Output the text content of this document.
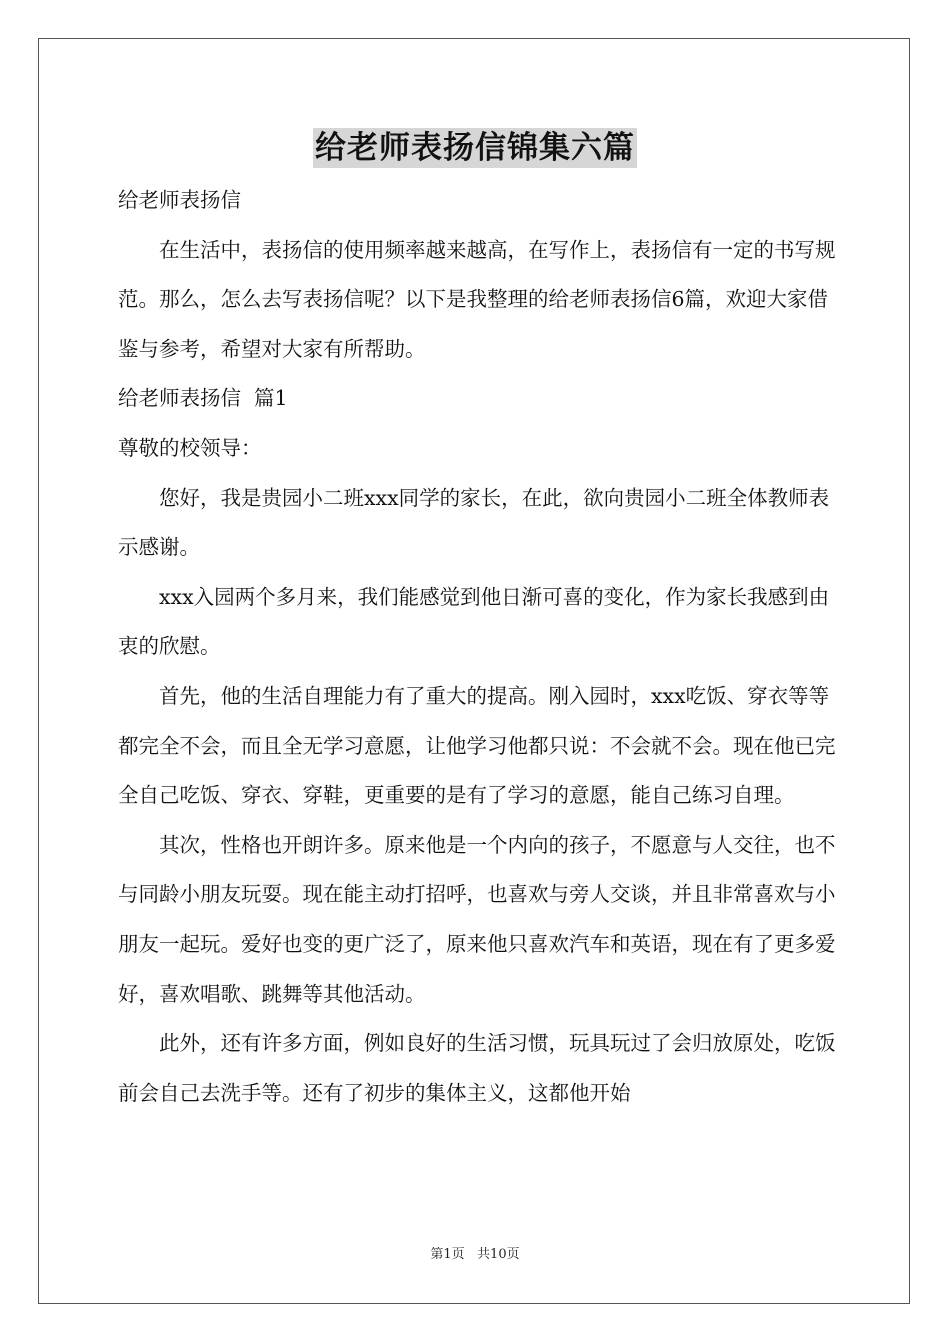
给老师表扬信锦集六篇

给老师表扬信

在生活中，表扬信的使用频率越来越高，在写作上，表扬信有一定的书写规范。那么，怎么去写表扬信呢？以下是我整理的给老师表扬信6篇，欢迎大家借鉴与参考，希望对大家有所帮助。

给老师表扬信  篇1

尊敬的校领导：

您好，我是贵园小二班xxx同学的家长，在此，欲向贵园小二班全体教师表示感谢。

xxx入园两个多月来，我们能感觉到他日渐可喜的变化，作为家长我感到由衷的欣慰。

首先，他的生活自理能力有了重大的提高。刚入园时，xxx吃饭、穿衣等等都完全不会，而且全无学习意愿，让他学习他都只说：不会就不会。现在他已完全自己吃饭、穿衣、穿鞋，更重要的是有了学习的意愿，能自己练习自理。

其次，性格也开朗许多。原来他是一个内向的孩子，不愿意与人交往，也不与同龄小朋友玩耍。现在能主动打招呼，也喜欢与旁人交谈，并且非常喜欢与小朋友一起玩。爱好也变的更广泛了，原来他只喜欢汽车和英语，现在有了更多爱好，喜欢唱歌、跳舞等其他活动。

此外，还有许多方面，例如良好的生活习惯，玩具玩过了会归放原处，吃饭前会自己去洗手等。还有了初步的集体主义，这都他开始

第1页   共10页
